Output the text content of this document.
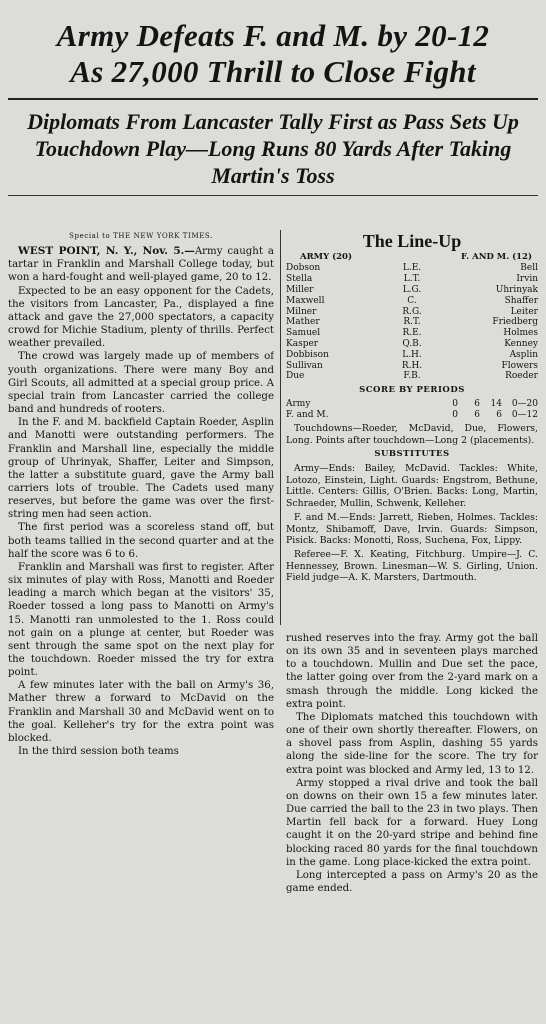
Army Defeats F. and M. by 20-12
As 27,000 Thrill to Close Fight
Diplomats From Lancaster Tally First as Pass Sets Up Touchdown Play—Long Runs 80 Yards After Taking Martin's Toss
Special to THE NEW YORK TIMES.

WEST POINT, N. Y., Nov. 5.—Army caught a tartar in Franklin and Marshall College today, but won a hard-fought and well-played game, 20 to 12.

Expected to be an easy opponent for the Cadets, the visitors from Lancaster, Pa., displayed a fine attack and gave the 27,000 spectators, a capacity crowd for Michie Stadium, plenty of thrills. Perfect weather prevailed.

The crowd was largely made up of members of youth organizations. There were many Boy and Girl Scouts, all admitted at a special group price. A special train from Lancaster carried the college band and hundreds of rooters.

In the F. and M. backfield Captain Roeder, Asplin and Manotti were outstanding performers. The Franklin and Marshall line, especially the middle group of Uhrinyak, Shaffer, Leiter and Simpson, the latter a substitute guard, gave the Army ball carriers lots of trouble. The Cadets used many reserves, but before the game was over the first-string men had seen action.

The first period was a scoreless stand off, but both teams tallied in the second quarter and at the half the score was 6 to 6.

Franklin and Marshall was first to register. After six minutes of play with Ross, Manotti and Roeder leading a march which began at the visitors' 35, Roeder tossed a long pass to Manotti on Army's 15. Manotti ran unmolested to the 1. Ross could not gain on a plunge at center, but Roeder was sent through the same spot on the next play for the touchdown. Roeder missed the try for extra point.

A few minutes later with the ball on Army's 36, Mather threw a forward to McDavid on the Franklin and Marshall 30 and McDavid went on to the goal. Kelleher's try for the extra point was blocked.

In the third session both teams

The Line-Up
ARMY (20)	F. AND M. (12)
Dobson	L.E.	Bell
Stella	L.T.	Irvin
Miller	L.G.	Uhrinyak
Maxwell	C.	Shaffer
Milner	R.G.	Leiter
Mather	R.T.	Friedberg
Samuel	R.E.	Holmes
Kasper	Q.B.	Kenney
Dobbison	L.H.	Asplin
Sullivan	R.H.	Flowers
Due	F.B.	Roeder
SCORE BY PERIODS
Army	0	6	14	0—20
F. and M.	0	6	6	0—12
Touchdowns—Roeder, McDavid, Due, Flowers, Long. Points after touchdown—Long 2 (placements).
SUBSTITUTES
Army—Ends: Bailey, McDavid. Tackles: White, Lotozo, Einstein, Light. Guards: Engstrom, Bethune, Little. Centers: Gillis, O'Brien. Backs: Long, Martin, Schraeder, Mullin, Schwenk, Kelleher.
F. and M.—Ends: Jarrett, Rieben, Holmes. Tackles: Montz, Shibamoff, Dave, Irvin. Guards: Simpson, Pisick. Backs: Monotti, Ross, Suchena, Fox, Lippy.
Referee—F. X. Keating, Fitchburg. Umpire—J. C. Hennessey, Brown. Linesman—W. S. Girling, Union. Field judge—A. K. Marsters, Dartmouth.

rushed reserves into the fray. Army got the ball on its own 35 and in seventeen plays marched to a touchdown. Mullin and Due set the pace, the latter going over from the 2-yard mark on a smash through the middle. Long kicked the extra point.

The Diplomats matched this touchdown with one of their own shortly thereafter. Flowers, on a shovel pass from Asplin, dashing 55 yards along the side-line for the score. The try for extra point was blocked and Army led, 13 to 12.

Army stopped a rival drive and took the ball on downs on their own 15 a few minutes later. Due carried the ball to the 23 in two plays. Then Martin fell back for a forward. Huey Long caught it on the 20-yard stripe and behind fine blocking raced 80 yards for the final touchdown in the game. Long place-kicked the extra point.

Long intercepted a pass on Army's 20 as the game ended.
